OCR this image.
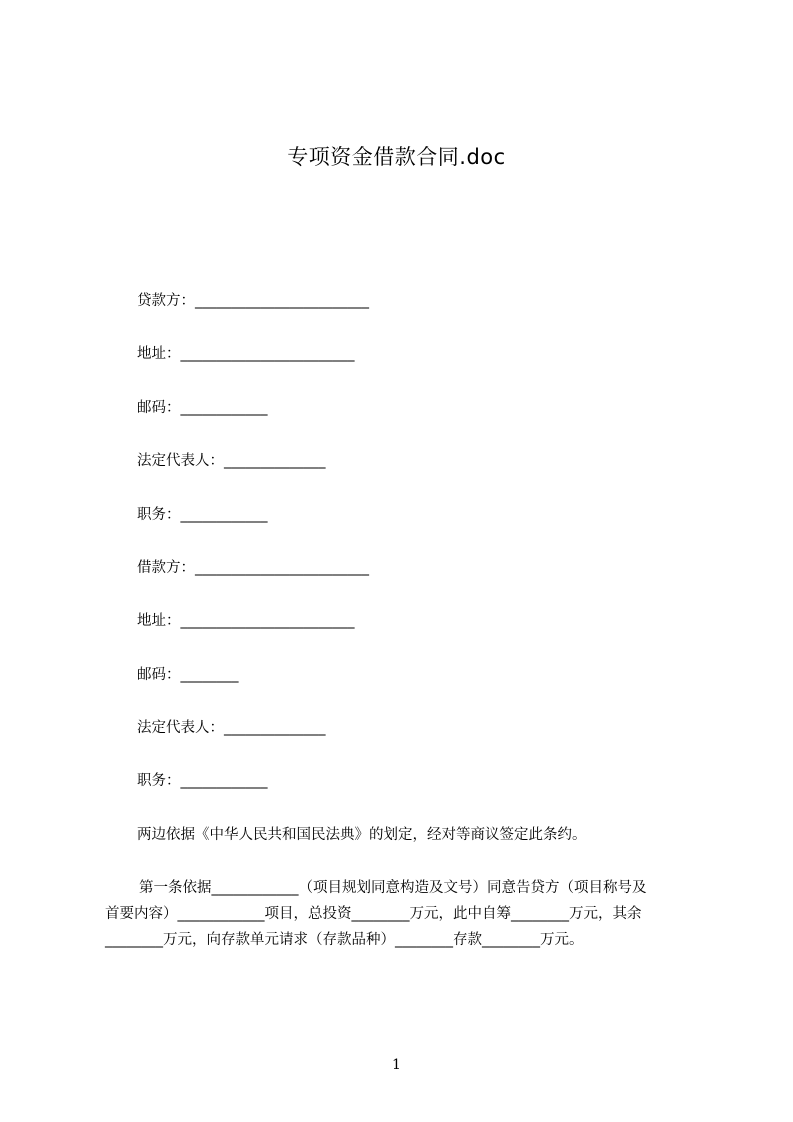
专项资金借款合同.doc
贷款方：________________________
地址：________________________
邮码：____________
法定代表人：______________
职务：____________
借款方：________________________
地址：________________________
邮码：________
法定代表人：______________
职务：____________
两边依据《中华人民共和国民法典》的划定，经对等商议签定此条约。
第一条依据____________（项目规划同意构造及文号）同意告贷方（项目称号及
首要内容）____________项目，总投资________万元，此中自筹________万元，其余
________万元，向存款单元请求（存款品种）________存款________万元。
1
